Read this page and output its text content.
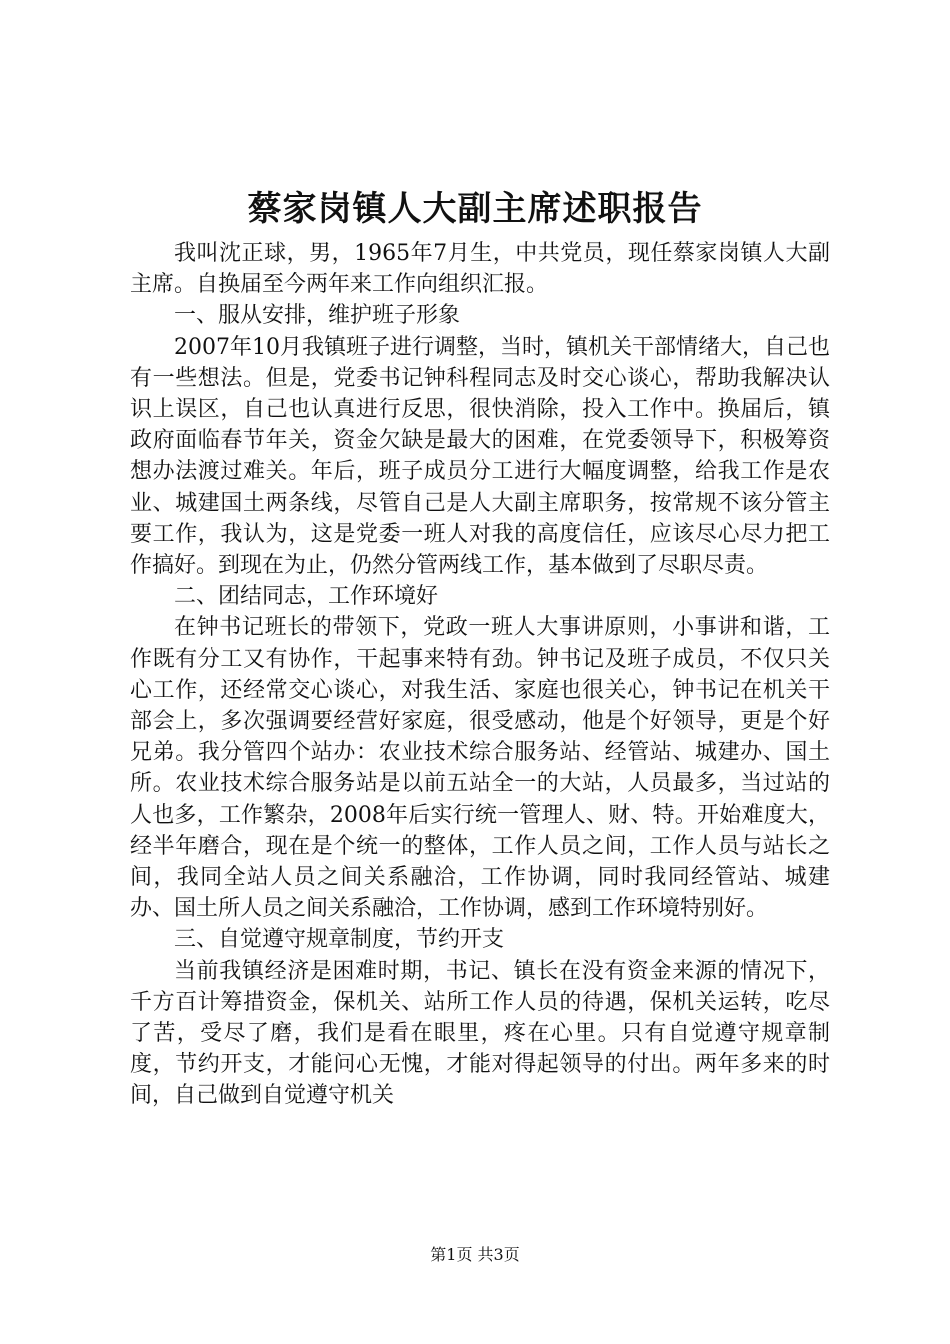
蔡家岗镇人大副主席述职报告

我叫沈正球，男，1965年7月生，中共党员，现任蔡家岗镇人大副主席。自换届至今两年来工作向组织汇报。

一、服从安排，维护班子形象

2007年10月我镇班子进行调整，当时，镇机关干部情绪大，自己也有一些想法。但是，党委书记钟科程同志及时交心谈心，帮助我解决认识上误区，自己也认真进行反思，很快消除，投入工作中。换届后，镇政府面临春节年关，资金欠缺是最大的困难，在党委领导下，积极筹资想办法渡过难关。年后，班子成员分工进行大幅度调整，给我工作是农业、城建国土两条线，尽管自己是人大副主席职务，按常规不该分管主要工作，我认为，这是党委一班人对我的高度信任，应该尽心尽力把工作搞好。到现在为止，仍然分管两线工作，基本做到了尽职尽责。

二、团结同志，工作环境好

在钟书记班长的带领下，党政一班人大事讲原则，小事讲和谐，工作既有分工又有协作，干起事来特有劲。钟书记及班子成员，不仅只关心工作，还经常交心谈心，对我生活、家庭也很关心，钟书记在机关干部会上，多次强调要经营好家庭，很受感动，他是个好领导，更是个好兄弟。我分管四个站办：农业技术综合服务站、经管站、城建办、国土所。农业技术综合服务站是以前五站全一的大站，人员最多，当过站的人也多，工作繁杂，2008年后实行统一管理人、财、特。开始难度大，经半年磨合，现在是个统一的整体，工作人员之间，工作人员与站长之间，我同全站人员之间关系融洽，工作协调，同时我同经管站、城建办、国土所人员之间关系融洽，工作协调，感到工作环境特别好。

三、自觉遵守规章制度，节约开支

当前我镇经济是困难时期，书记、镇长在没有资金来源的情况下，千方百计筹措资金，保机关、站所工作人员的待遇，保机关运转，吃尽了苦，受尽了磨，我们是看在眼里，疼在心里。只有自觉遵守规章制度，节约开支，才能问心无愧，才能对得起领导的付出。两年多来的时间，自己做到自觉遵守机关

第1页 共3页
